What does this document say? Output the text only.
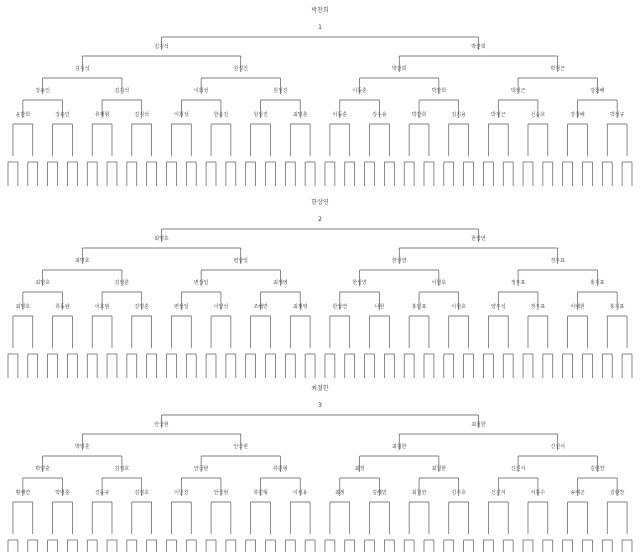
박찬희
1
윤찬희	강유인	류재형	김지석	이희성	한웅진	원성진	최명훈	이동훈	김수용	박찬희	김기용	박정근	신승호	강창배	박정규
강유인	김지석	이희성	원성진	이동훈	박찬희	박정근	강창배
김지석	원성진	박찬희	박정근
김지석	박찬희
한상연
2
최명호	류동완	이호범	김영훈	변상일	이양석	조혜연	최재영	한상연	나현	홍민표	이현호	양우석	정우표	이태현	홍기표
최명호	김영훈	변상일	최재영	한상연	이현호	정우표	홍기표
최명호	변상일	한상연	정우표
최명호	한상연
최철한
3
황재연	박영훈	진동규	김정호	이인진	안국현	류민형	이정용	최정	김혜민	최철한	김주호	신진서	서봉수	송태곤	김현찬
박영훈	김정호	안국현	류민형	최정	최철한	신진서	김현찬
박영훈	안국현	최철한	신진서
안국현	최철한
